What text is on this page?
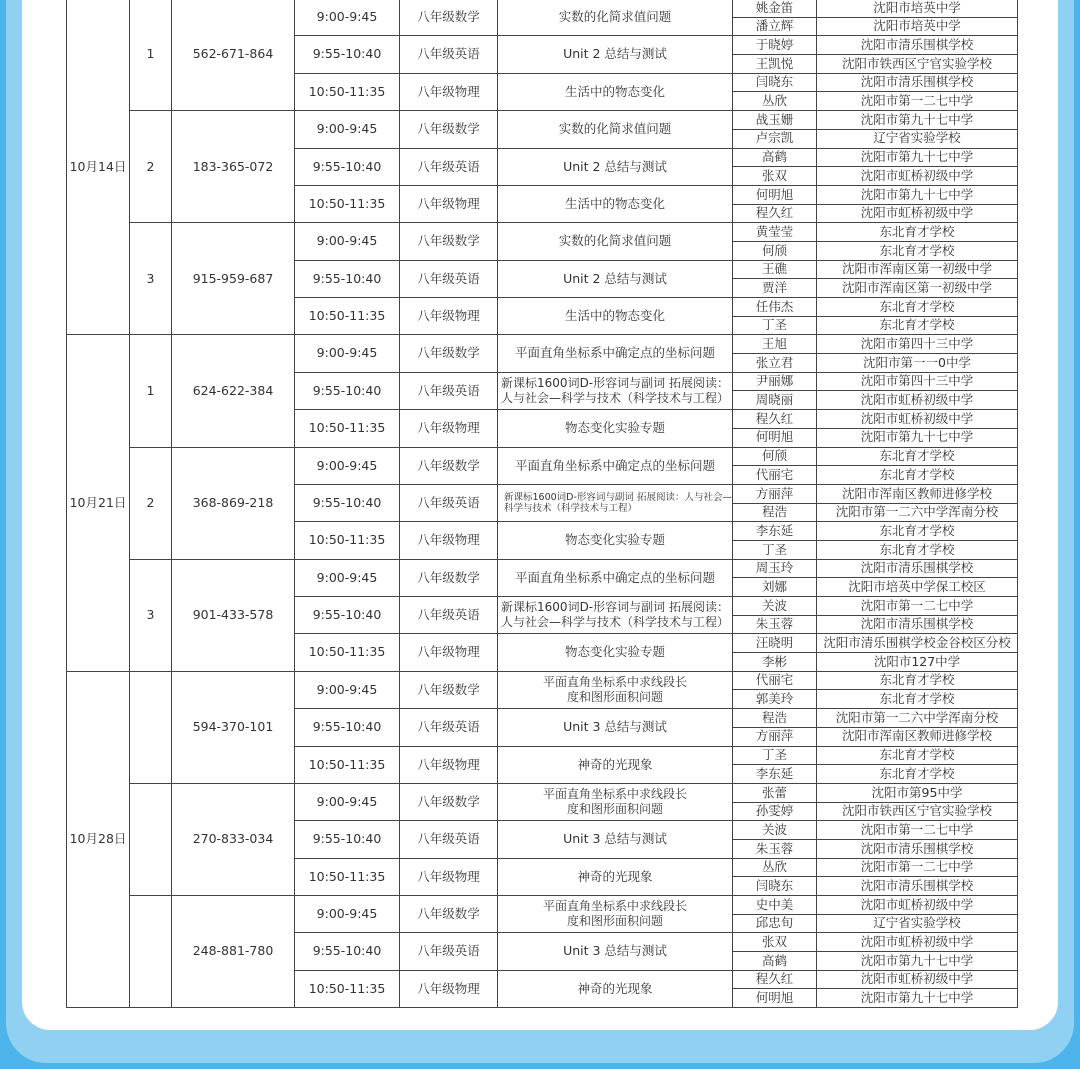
10月14日	1	562-671-864	9:00-9:45	八年级数学	实数的化简求值问题	姚金笛	沈阳市培英中学
						潘立辉	沈阳市培英中学
			9:55-10:40	八年级英语	Unit 2 总结与测试	于晓婷	沈阳市清乐围棋学校
						王凯悦	沈阳市铁西区宁官实验学校
			10:50-11:35	八年级物理	生活中的物态变化	闫晓东	沈阳市清乐围棋学校
						丛欣	沈阳市第一二七中学
	2	183-365-072	9:00-9:45	八年级数学	实数的化简求值问题	战玉姗	沈阳市第九十七中学
						卢宗凯	辽宁省实验学校
			9:55-10:40	八年级英语	Unit 2 总结与测试	高鹤	沈阳市第九十七中学
						张双	沈阳市虹桥初级中学
			10:50-11:35	八年级物理	生活中的物态变化	何明旭	沈阳市第九十七中学
						程久红	沈阳市虹桥初级中学
	3	915-959-687	9:00-9:45	八年级数学	实数的化简求值问题	黄莹莹	东北育才学校
						何颀	东北育才学校
			9:55-10:40	八年级英语	Unit 2 总结与测试	王礁	沈阳市浑南区第一初级中学
						贾洋	沈阳市浑南区第一初级中学
			10:50-11:35	八年级物理	生活中的物态变化	任伟杰	东北育才学校
						丁圣	东北育才学校
10月21日	1	624-622-384	9:00-9:45	八年级数学	平面直角坐标系中确定点的坐标问题	王旭	沈阳市第四十三中学
						张立君	沈阳市第一一0中学
			9:55-10:40	八年级英语	新课标1600词D-形容词与副词 拓展阅读：人与社会—科学与技术（科学技术与工程）	尹丽娜	沈阳市第四十三中学
						周晓丽	沈阳市虹桥初级中学
			10:50-11:35	八年级物理	物态变化实验专题	程久红	沈阳市虹桥初级中学
						何明旭	沈阳市第九十七中学
	2	368-869-218	9:00-9:45	八年级数学	平面直角坐标系中确定点的坐标问题	何颀	东北育才学校
						代丽宅	东北育才学校
			9:55-10:40	八年级英语	新课标1600词D-形容词与副词 拓展阅读：人与社会—科学与技术（科学技术与工程）	方丽萍	沈阳市浑南区教师进修学校
						程浩	沈阳市第一二六中学浑南分校
			10:50-11:35	八年级物理	物态变化实验专题	李东延	东北育才学校
						丁圣	东北育才学校
	3	901-433-578	9:00-9:45	八年级数学	平面直角坐标系中确定点的坐标问题	周玉玲	沈阳市清乐围棋学校
						刘娜	沈阳市培英中学保工校区
			9:55-10:40	八年级英语	新课标1600词D-形容词与副词 拓展阅读：人与社会—科学与技术（科学技术与工程）	关波	沈阳市第一二七中学
						朱玉蓉	沈阳市清乐围棋学校
			10:50-11:35	八年级物理	物态变化实验专题	汪晓明	沈阳市清乐围棋学校金谷校区分校
						李彬	沈阳市127中学
10月28日		594-370-101	9:00-9:45	八年级数学	平面直角坐标系中求线段长度和图形面积问题	代丽宅	东北育才学校
						郭美玲	东北育才学校
			9:55-10:40	八年级英语	Unit 3 总结与测试	程浩	沈阳市第一二六中学浑南分校
						方丽萍	沈阳市浑南区教师进修学校
			10:50-11:35	八年级物理	神奇的光现象	丁圣	东北育才学校
						李东延	东北育才学校
		270-833-034	9:00-9:45	八年级数学	平面直角坐标系中求线段长度和图形面积问题	张蕾	沈阳市第95中学
						孙雯婷	沈阳市铁西区宁官实验学校
			9:55-10:40	八年级英语	Unit 3 总结与测试	关波	沈阳市第一二七中学
						朱玉蓉	沈阳市清乐围棋学校
			10:50-11:35	八年级物理	神奇的光现象	丛欣	沈阳市第一二七中学
						闫晓东	沈阳市清乐围棋学校
		248-881-780	9:00-9:45	八年级数学	平面直角坐标系中求线段长度和图形面积问题	史中美	沈阳市虹桥初级中学
						邱忠旬	辽宁省实验学校
			9:55-10:40	八年级英语	Unit 3 总结与测试	张双	沈阳市虹桥初级中学
						高鹤	沈阳市第九十七中学
			10:50-11:35	八年级物理	神奇的光现象	程久红	沈阳市虹桥初级中学
						何明旭	沈阳市第九十七中学
